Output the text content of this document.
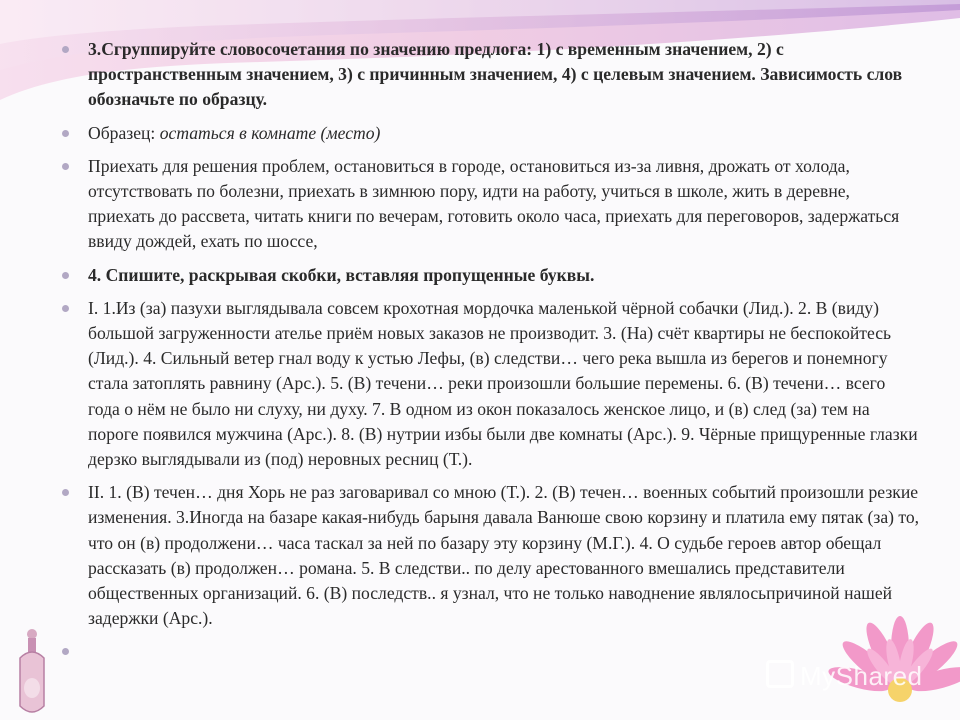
3.Сгруппируйте словосочетания по значению предлога: 1) с временным значением, 2) с пространственным значением, 3) с причинным значением, 4) с целевым значением. Зависимость слов обозначьте по образцу.
Образец: остаться в комнате (место)
Приехать для решения проблем, остановиться в городе, остановиться из-за ливня, дрожать от холода, отсутствовать по болезни, приехать в зимнюю пору, идти на работу, учиться в школе, жить в деревне, приехать до рассвета, читать книги по вечерам, готовить около часа, приехать для переговоров, задержаться ввиду дождей, ехать по шоссе,
4. Спишите, раскрывая скобки, вставляя пропущенные буквы.
I. 1.Из (за) пазухи выглядывала совсем крохотная мордочка маленькой чёрной собачки (Лид.). 2. В (виду) большой загруженности ателье приём новых заказов не производит. 3. (На) счёт квартиры не беспокойтесь (Лид.). 4. Сильный ветер гнал воду к устью Лефы, (в) следстви… чего река вышла из берегов и понемногу стала затоплять равнину (Арс.). 5. (В) течени… реки произошли большие перемены. 6. (В) течени… всего года о нём не было ни слуху, ни духу. 7. В одном из окон показалось женское лицо, и (в) след (за) тем на пороге появился мужчина (Арс.). 8. (В) нутрии избы были две комнаты (Арс.). 9. Чёрные прищуренные глазки дерзко выглядывали из (под) неровных ресниц (Т.).
II. 1. (В) течен… дня Хорь не раз заговаривал со мною (Т.). 2. (В) течен… военных событий произошли резкие изменения. 3.Иногда на базаре какая-нибудь барыня давала Ванюше свою корзину и платила ему пятак (за) то, что он (в) продолжени… часа таскал за ней по базару эту корзину (М.Г.). 4. О судьбе героев автор обещал рассказать (в) продолжен… романа. 5. В следстви.. по делу арестованного вмешались представители общественных организаций. 6. (В) последств.. я узнал, что не только наводнение являлосьпричиной нашей задержки (Арс.).
MyShared
